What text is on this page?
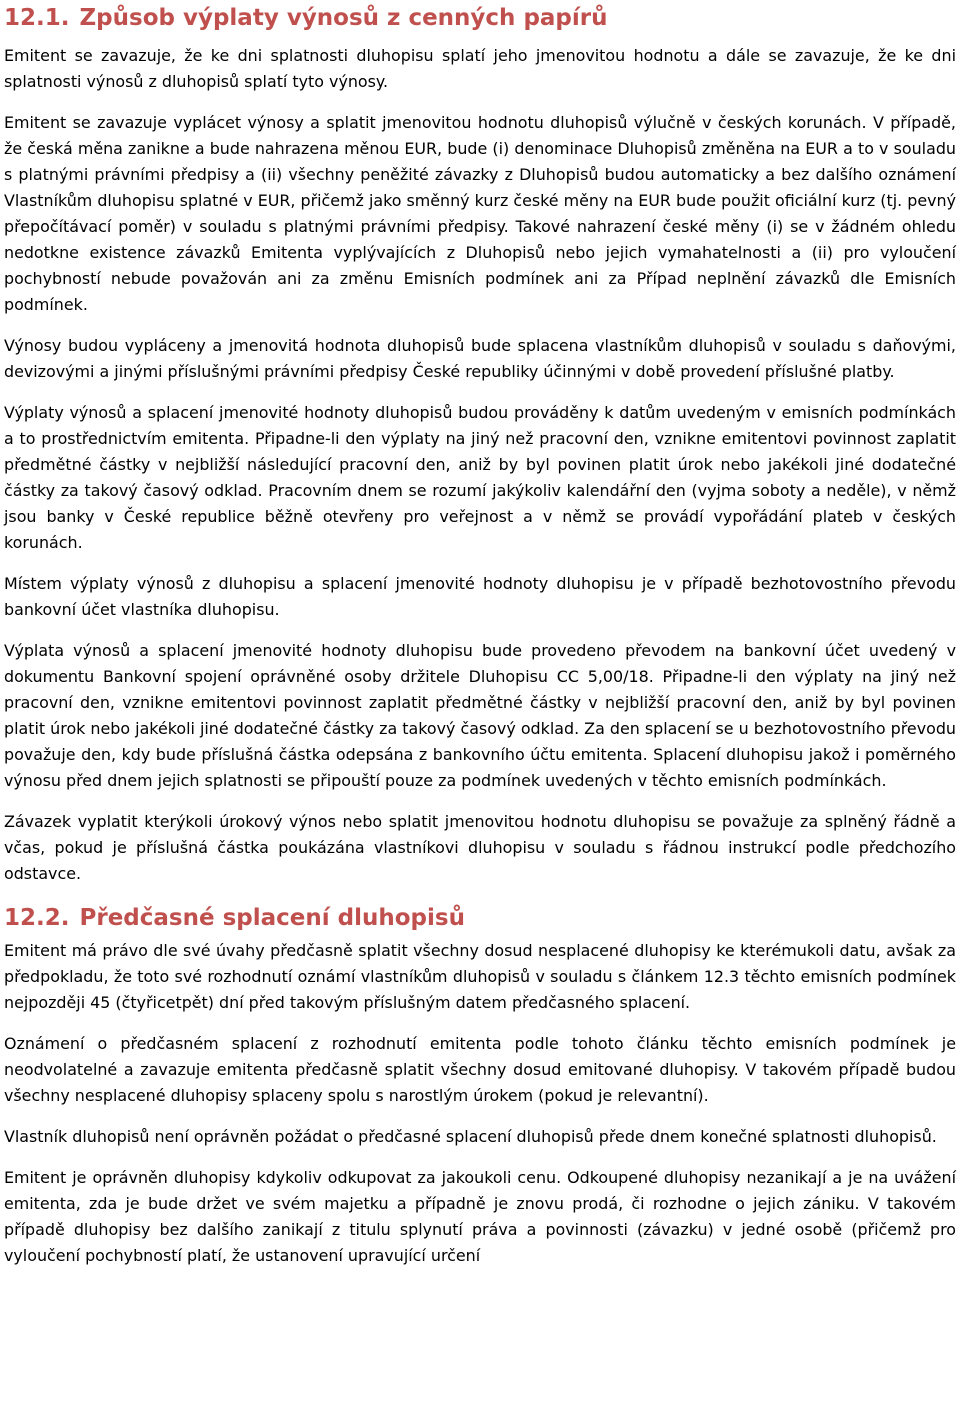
12.1. Způsob výplaty výnosů z cenných papírů

Emitent se zavazuje, že ke dni splatnosti dluhopisu splatí jeho jmenovitou hodnotu a dále se zavazuje, že ke dni splatnosti výnosů z dluhopisů splatí tyto výnosy.

Emitent se zavazuje vyplácet výnosy a splatit jmenovitou hodnotu dluhopisů výlučně v českých korunách. V případě, že česká měna zanikne a bude nahrazena měnou EUR, bude (i) denominace Dluhopisů změněna na EUR a to v souladu s platnými právními předpisy a (ii) všechny peněžité závazky z Dluhopisů budou automaticky a bez dalšího oznámení Vlastníkům dluhopisu splatné v EUR, přičemž jako směnný kurz české měny na EUR bude použit oficiální kurz (tj. pevný přepočítávací poměr) v souladu s platnými právními předpisy. Takové nahrazení české měny (i) se v žádném ohledu nedotkne existence závazků Emitenta vyplývajících z Dluhopisů nebo jejich vymahatelnosti a (ii) pro vyloučení pochybností nebude považován ani za změnu Emisních podmínek ani za Případ neplnění závazků dle Emisních podmínek.

Výnosy budou vypláceny a jmenovitá hodnota dluhopisů bude splacena vlastníkům dluhopisů v souladu s daňovými, devizovými a jinými příslušnými právními předpisy České republiky účinnými v době provedení příslušné platby.

Výplaty výnosů a splacení jmenovité hodnoty dluhopisů budou prováděny k datům uvedeným v emisních podmínkách a to prostřednictvím emitenta. Připadne-li den výplaty na jiný než pracovní den, vznikne emitentovi povinnost zaplatit předmětné částky v nejbližší následující pracovní den, aniž by byl povinen platit úrok nebo jakékoli jiné dodatečné částky za takový časový odklad. Pracovním dnem se rozumí jakýkoliv kalendářní den (vyjma soboty a neděle), v němž jsou banky v České republice běžně otevřeny pro veřejnost a v němž se provádí vypořádání plateb v českých korunách.

Místem výplaty výnosů z dluhopisu a splacení jmenovité hodnoty dluhopisu je v případě bezhotovostního převodu bankovní účet vlastníka dluhopisu.

Výplata výnosů a splacení jmenovité hodnoty dluhopisu bude provedeno převodem na bankovní účet uvedený v dokumentu Bankovní spojení oprávněné osoby držitele Dluhopisu CC 5,00/18. Připadne-li den výplaty na jiný než pracovní den, vznikne emitentovi povinnost zaplatit předmětné částky v nejbližší pracovní den, aniž by byl povinen platit úrok nebo jakékoli jiné dodatečné částky za takový časový odklad. Za den splacení se u bezhotovostního převodu považuje den, kdy bude příslušná částka odepsána z bankovního účtu emitenta. Splacení dluhopisu jakož i poměrného výnosu před dnem jejich splatnosti se připouští pouze za podmínek uvedených v těchto emisních podmínkách.

Závazek vyplatit kterýkoli úrokový výnos nebo splatit jmenovitou hodnotu dluhopisu se považuje za splněný řádně a včas, pokud je příslušná částka poukázána vlastníkovi dluhopisu v souladu s řádnou instrukcí podle předchozího odstavce.

12.2. Předčasné splacení dluhopisů

Emitent má právo dle své úvahy předčasně splatit všechny dosud nesplacené dluhopisy ke kterémukoli datu, avšak za předpokladu, že toto své rozhodnutí oznámí vlastníkům dluhopisů v souladu s článkem 12.3 těchto emisních podmínek nejpozději 45 (čtyřicetpět) dní před takovým příslušným datem předčasného splacení.

Oznámení o předčasném splacení z rozhodnutí emitenta podle tohoto článku těchto emisních podmínek je neodvolatelné a zavazuje emitenta předčasně splatit všechny dosud emitované dluhopisy. V takovém případě budou všechny nesplacené dluhopisy splaceny spolu s narostlým úrokem (pokud je relevantní).

Vlastník dluhopisů není oprávněn požádat o předčasné splacení dluhopisů předе dnem konečné splatnosti dluhopisů.

Emitent je oprávněn dluhopisy kdykoliv odkupovat za jakoukoli cenu. Odkoupené dluhopisy nezanikají a je na uvážení emitenta, zda je bude držet ve svém majetku a případně je znovu prodá, či rozhodne o jejich zániku. V takovém případě dluhopisy bez dalšího zanikají z titulu splynutí práva a povinnosti (závazku) v jedné osobě (přičemž pro vyloučení pochybností platí, že ustanovení upravující určení
